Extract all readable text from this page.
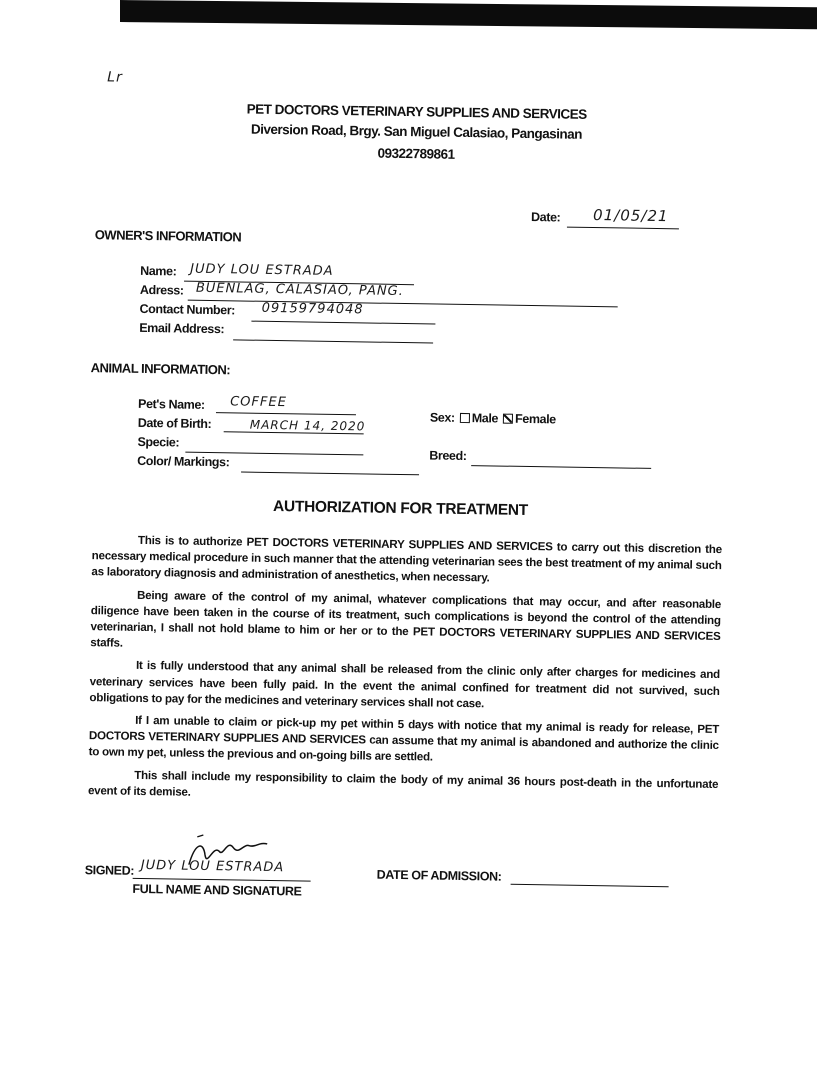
Lr
PET DOCTORS VETERINARY SUPPLIES AND SERVICES
Diversion Road, Brgy. San Miguel Calasiao, Pangasinan
09322789861
Date: 01/05/21
OWNER'S INFORMATION
Name: JUDY LOU ESTRADA
Adress: BUENLAG, CALASIAO, PANG.
Contact Number: 09159794048
Email Address:
ANIMAL INFORMATION:
Pet's Name: COFFEE
Date of Birth:	MARCH 14, 2020
Specie:
Color/ Markings:
Sex: Male Female
Breed:
AUTHORIZATION FOR TREATMENT

This is to authorize PET DOCTORS VETERINARY SUPPLIES AND SERVICES to carry out this discretion the necessary medical procedure in such manner that the attending veterinarian sees the best treatment of my animal such as laboratory diagnosis and administration of anesthetics, when necessary.

Being aware of the control of my animal, whatever complications that may occur, and after reasonable diligence have been taken in the course of its treatment, such complications is beyond the control of the attending veterinarian, I shall not hold blame to him or her or to the PET DOCTORS VETERINARY SUPPLIES AND SERVICES staffs.

It is fully understood that any animal shall be released from the clinic only after charges for medicines and veterinary services have been fully paid. In the event the animal confined for treatment did not survived, such obligations to pay for the medicines and veterinary services shall not case.

If I am unable to claim or pick-up my pet within 5 days with notice that my animal is ready for release, PET DOCTORS VETERINARY SUPPLIES AND SERVICES can assume that my animal is abandoned and authorize the clinic to own my pet, unless the previous and on-going bills are settled.

This shall include my responsibility to claim the body of my animal 36 hours post-death in the unfortunate event of its demise.

SIGNED: JUDY LOU ESTRADA
FULL NAME AND SIGNATURE
DATE OF ADMISSION:
